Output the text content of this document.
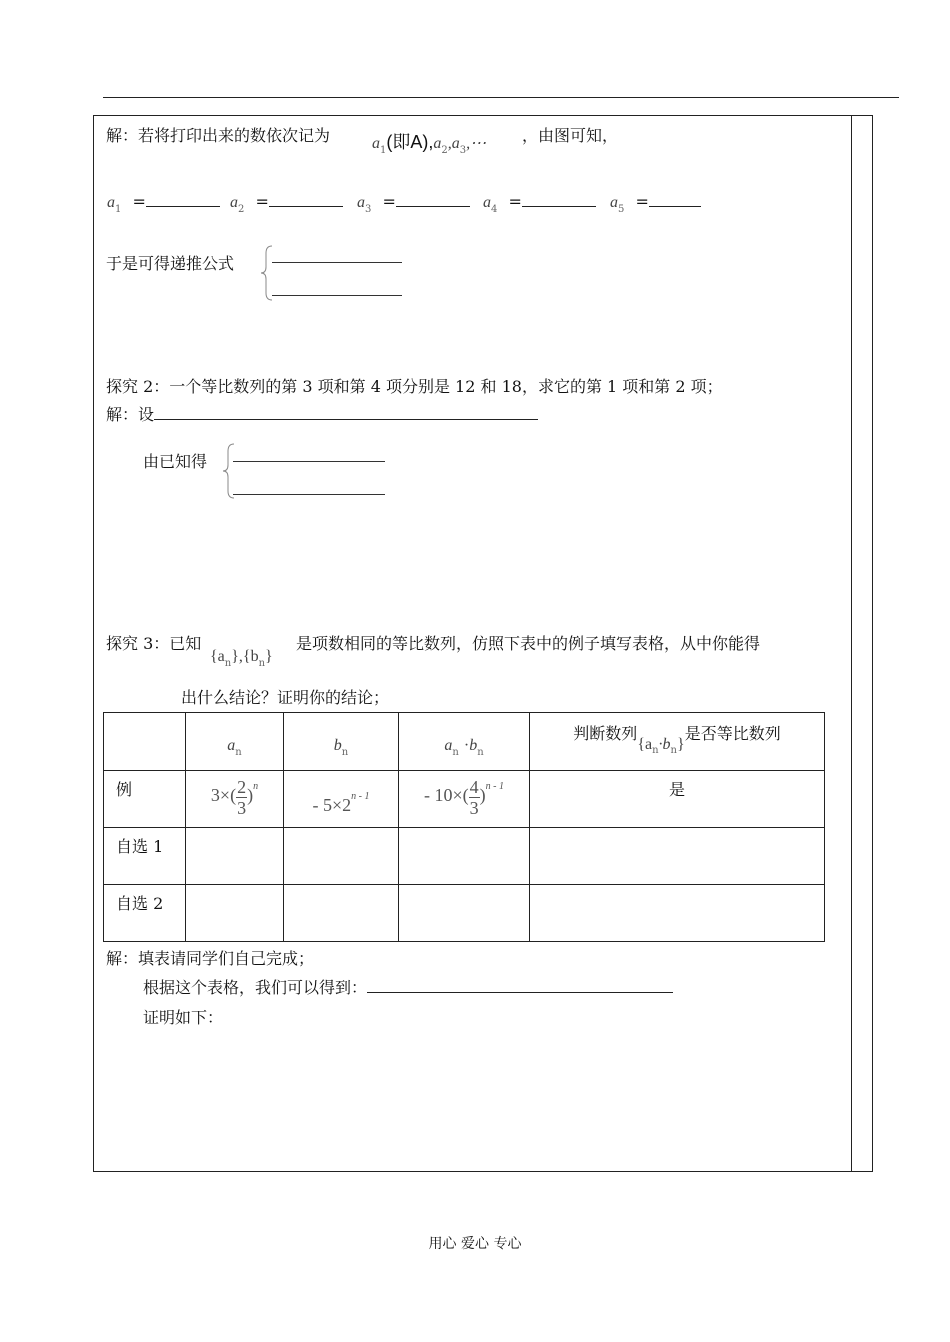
解：若将打印出来的数依次记为	$a_1$(即$A),a_2,a_3,\cdots$ ，由图可知，
$a_1$ =	$a_2$ =	$a_3$ =	$a_4$ =	$a_5$ =
于是可得递推公式
探究 2：一个等比数列的第 3 项和第 4 项分别是 12 和 18，求它的第 1 项和第 2 项；
解：设
由已知得
探究 3：已知
$\{a_n\},\{b_n\}$
是项数相同的等比数列，仿照下表中的例子填写表格，从中你能得
出什么结论？证明你的结论；
	$a_n$	$b_n$	$a_n \cdot b_n$	判断数列$\{a_n\cdot b_n\}$是否等比数列
例	$3\times( \frac{2}{3} )^n$	- $5\times 2^{n - 1}$	- $10\times( \frac{4}{3} )^{n - 1}$	是
自选 1				
自选 2				
解：填表请同学们自己完成；
根据这个表格，我们可以得到：
证明如下：
用心 爱心 专心
